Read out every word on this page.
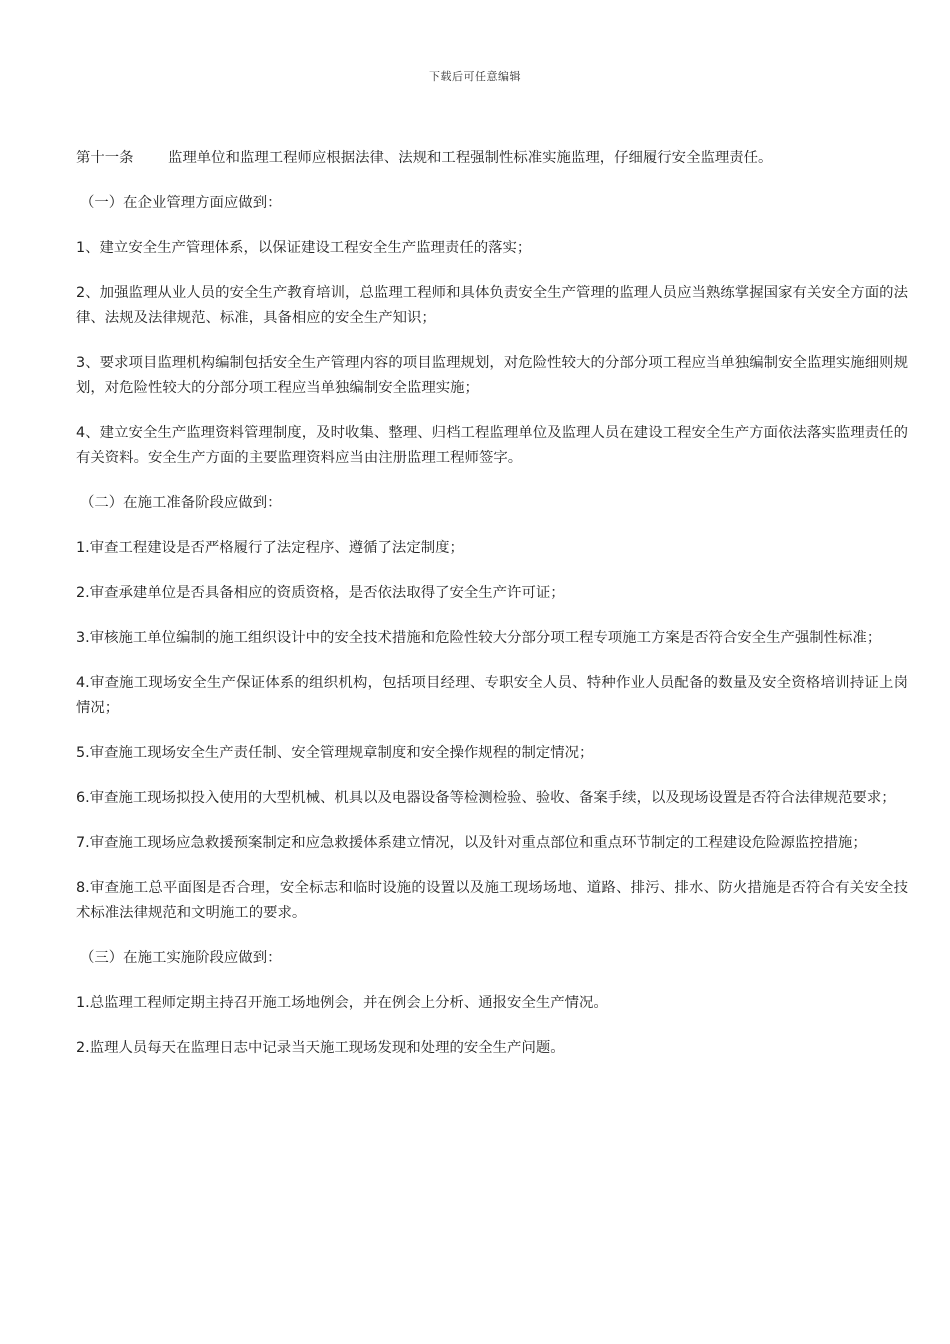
下载后可任意编辑

第十一条 监理单位和监理工程师应根据法律、法规和工程强制性标准实施监理，仔细履行安全监理责任。

（一）在企业管理方面应做到：

1、建立安全生产管理体系，以保证建设工程安全生产监理责任的落实；

2、加强监理从业人员的安全生产教育培训，总监理工程师和具体负责安全生产管理的监理人员应当熟练掌握国家有关安全方面的法律、法规及法律规范、标准，具备相应的安全生产知识；

3、要求项目监理机构编制包括安全生产管理内容的项目监理规划，对危险性较大的分部分项工程应当单独编制安全监理实施细则规划，对危险性较大的分部分项工程应当单独编制安全监理实施；

4、建立安全生产监理资料管理制度，及时收集、整理、归档工程监理单位及监理人员在建设工程安全生产方面依法落实监理责任的有关资料。安全生产方面的主要监理资料应当由注册监理工程师签字。

（二）在施工准备阶段应做到：

1.审查工程建设是否严格履行了法定程序、遵循了法定制度；

2.审查承建单位是否具备相应的资质资格，是否依法取得了安全生产许可证；

3.审核施工单位编制的施工组织设计中的安全技术措施和危险性较大分部分项工程专项施工方案是否符合安全生产强制性标准；

4.审查施工现场安全生产保证体系的组织机构，包括项目经理、专职安全人员、特种作业人员配备的数量及安全资格培训持证上岗情况；

5.审查施工现场安全生产责任制、安全管理规章制度和安全操作规程的制定情况；

6.审查施工现场拟投入使用的大型机械、机具以及电器设备等检测检验、验收、备案手续，以及现场设置是否符合法律规范要求；

7.审查施工现场应急救援预案制定和应急救援体系建立情况，以及针对重点部位和重点环节制定的工程建设危险源监控措施；

8.审查施工总平面图是否合理，安全标志和临时设施的设置以及施工现场场地、道路、排污、排水、防火措施是否符合有关安全技术标准法律规范和文明施工的要求。

（三）在施工实施阶段应做到：

1.总监理工程师定期主持召开施工场地例会，并在例会上分析、通报安全生产情况。

2.监理人员每天在监理日志中记录当天施工现场发现和处理的安全生产问题。
